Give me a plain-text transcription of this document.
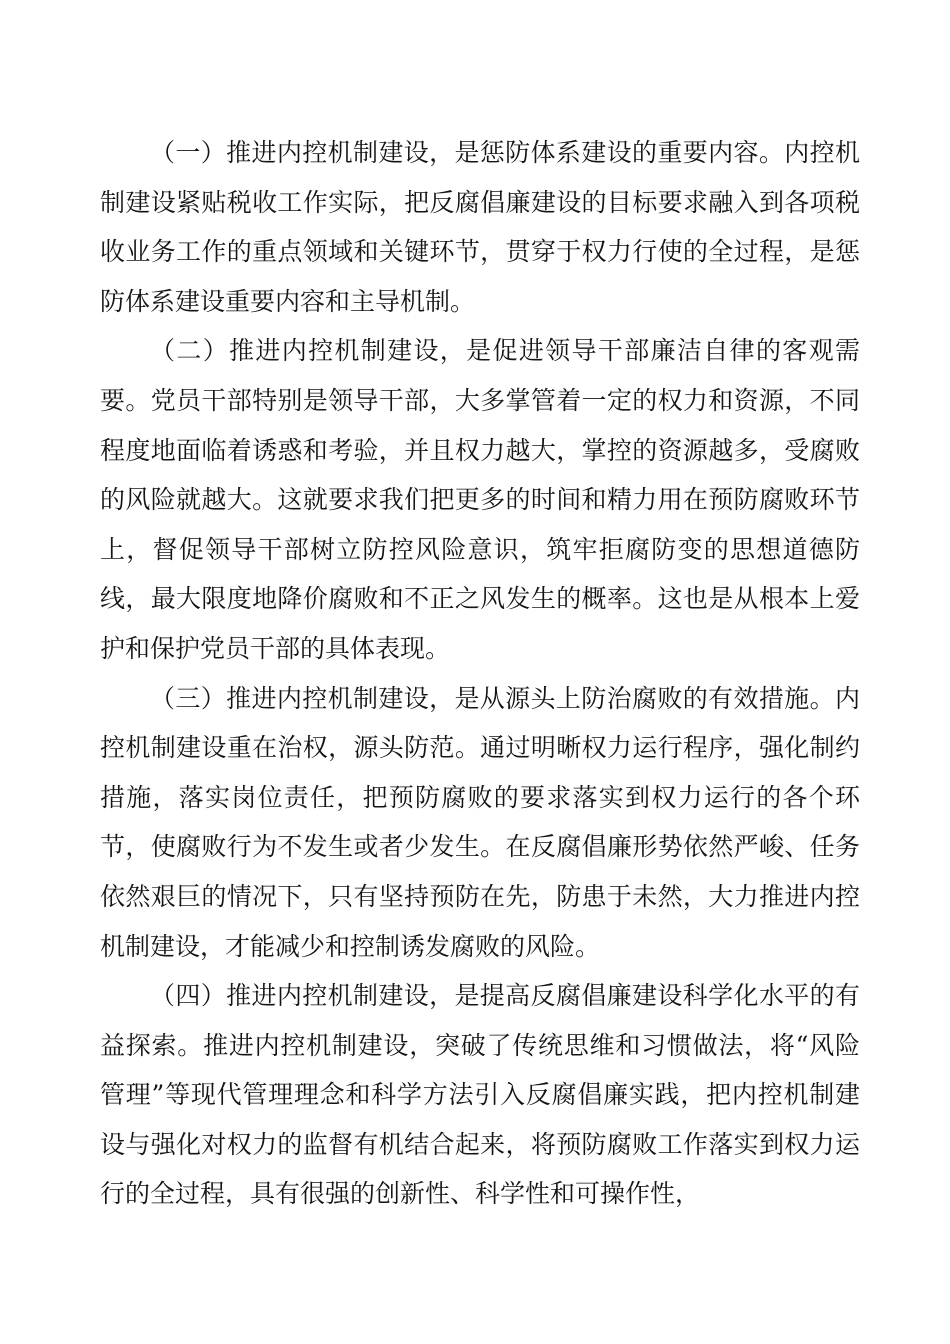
（一）推进内控机制建设，是惩防体系建设的重要内容。内控机制建设紧贴税收工作实际，把反腐倡廉建设的目标要求融入到各项税收业务工作的重点领域和关键环节，贯穿于权力行使的全过程，是惩防体系建设重要内容和主导机制。

（二）推进内控机制建设，是促进领导干部廉洁自律的客观需要。党员干部特别是领导干部，大多掌管着一定的权力和资源，不同程度地面临着诱惑和考验，并且权力越大，掌控的资源越多，受腐败的风险就越大。这就要求我们把更多的时间和精力用在预防腐败环节上，督促领导干部树立防控风险意识，筑牢拒腐防变的思想道德防线，最大限度地降价腐败和不正之风发生的概率。这也是从根本上爱护和保护党员干部的具体表现。

（三）推进内控机制建设，是从源头上防治腐败的有效措施。内控机制建设重在治权，源头防范。通过明晰权力运行程序，强化制约措施，落实岗位责任，把预防腐败的要求落实到权力运行的各个环节，使腐败行为不发生或者少发生。在反腐倡廉形势依然严峻、任务依然艰巨的情况下，只有坚持预防在先，防患于未然，大力推进内控机制建设，才能减少和控制诱发腐败的风险。

（四）推进内控机制建设，是提高反腐倡廉建设科学化水平的有益探索。推进内控机制建设，突破了传统思维和习惯做法，将“风险管理”等现代管理理念和科学方法引入反腐倡廉实践，把内控机制建设与强化对权力的监督有机结合起来，将预防腐败工作落实到权力运行的全过程，具有很强的创新性、科学性和可操作性，
